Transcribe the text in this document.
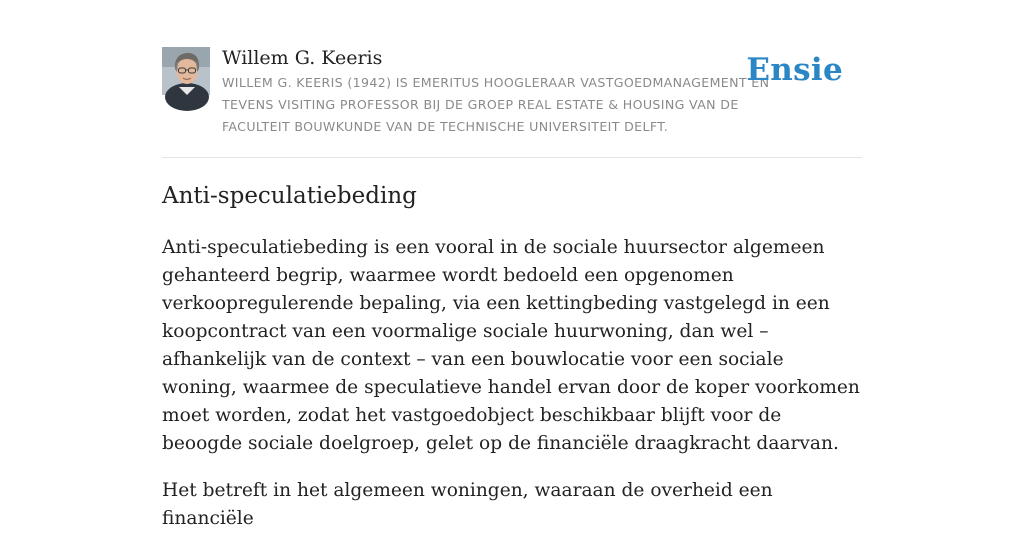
Willem G. Keeris
WILLEM G. KEERIS (1942) IS EMERITUS HOOGLERAAR VASTGOEDMANAGEMENT EN TEVENS VISITING PROFESSOR BIJ DE GROEP REAL ESTATE & HOUSING VAN DE FACULTEIT BOUWKUNDE VAN DE TECHNISCHE UNIVERSITEIT DELFT.
Ensie
Anti-speculatiebeding

Anti-speculatiebeding is een vooral in de sociale huursector algemeen gehanteerd begrip, waarmee wordt bedoeld een opgenomen verkoopregulerende bepaling, via een kettingbeding vastgelegd in een koopcontract van een voormalige sociale huurwoning, dan wel – afhankelijk van de context – van een bouwlocatie voor een sociale woning, waarmee de speculatieve handel ervan door de koper voorkomen moet worden, zodat het vastgoedobject beschikbaar blijft voor de beoogde sociale doelgroep, gelet op de financiële draagkracht daarvan.

Het betreft in het algemeen woningen, waaraan de overheid een financiële
